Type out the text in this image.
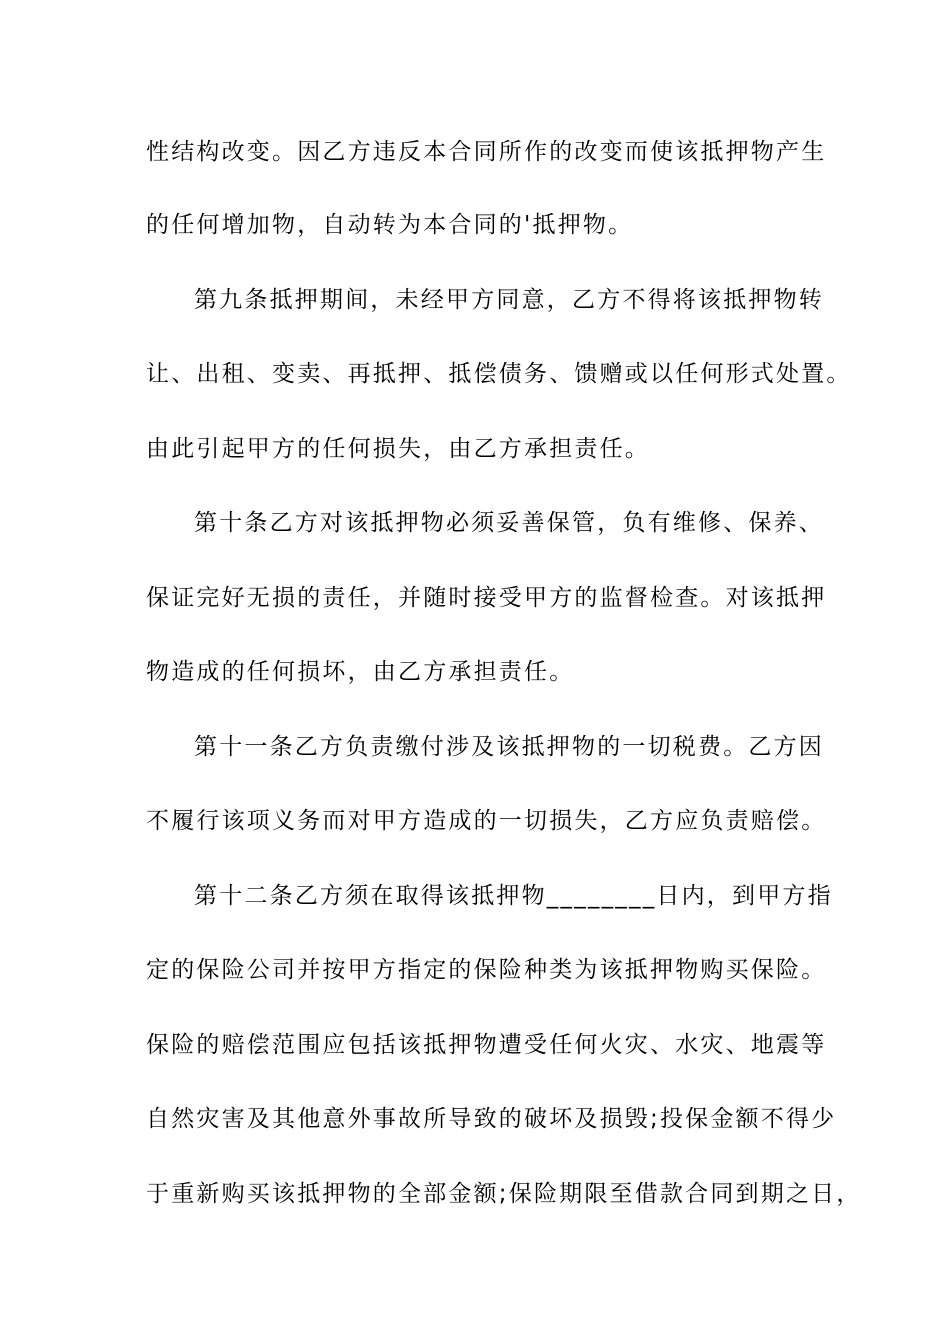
性结构改变。因乙方违反本合同所作的改变而使该抵押物产生
的任何增加物，自动转为本合同的'抵押物。
第九条抵押期间，未经甲方同意，乙方不得将该抵押物转
让、出租、变卖、再抵押、抵偿债务、馈赠或以任何形式处置。
由此引起甲方的任何损失，由乙方承担责任。
第十条乙方对该抵押物必须妥善保管，负有维修、保养、
保证完好无损的责任，并随时接受甲方的监督检查。对该抵押
物造成的任何损坏，由乙方承担责任。
第十一条乙方负责缴付涉及该抵押物的一切税费。乙方因
不履行该项义务而对甲方造成的一切损失，乙方应负责赔偿。
第十二条乙方须在取得该抵押物________日内，到甲方指
定的保险公司并按甲方指定的保险种类为该抵押物购买保险。
保险的赔偿范围应包括该抵押物遭受任何火灾、水灾、地震等
自然灾害及其他意外事故所导致的破坏及损毁;投保金额不得少
于重新购买该抵押物的全部金额;保险期限至借款合同到期之日，
